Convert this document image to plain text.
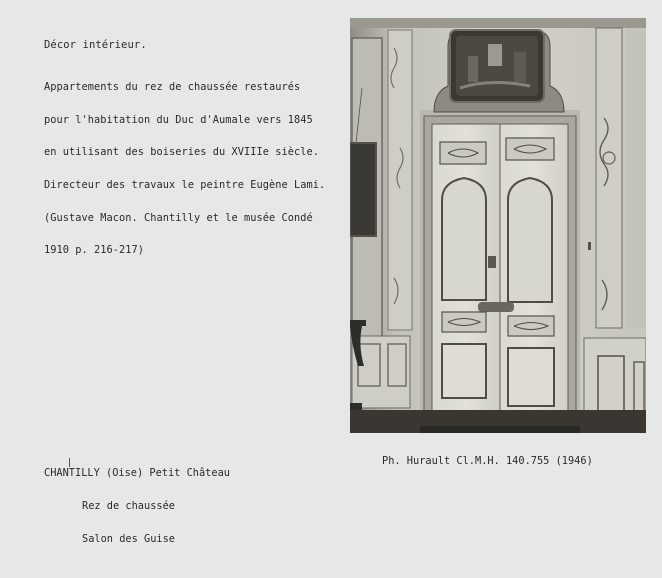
Décor intérieur.

Appartements du rez de chaussée restaurés

pour l'habitation du Duc d'Aumale vers 1845

en utilisant des boiseries du XVIIIe siècle.

Directeur des travaux le peintre Eugène Lami.

(Gustave Macon. Chantilly et le musée Condé

1910 p. 216-217)

CHANTILLY (Oise) Petit Château

Rez de chaussée

Salon des Guise

Ph. Hurault Cl.M.H. 140.755 (1946)
